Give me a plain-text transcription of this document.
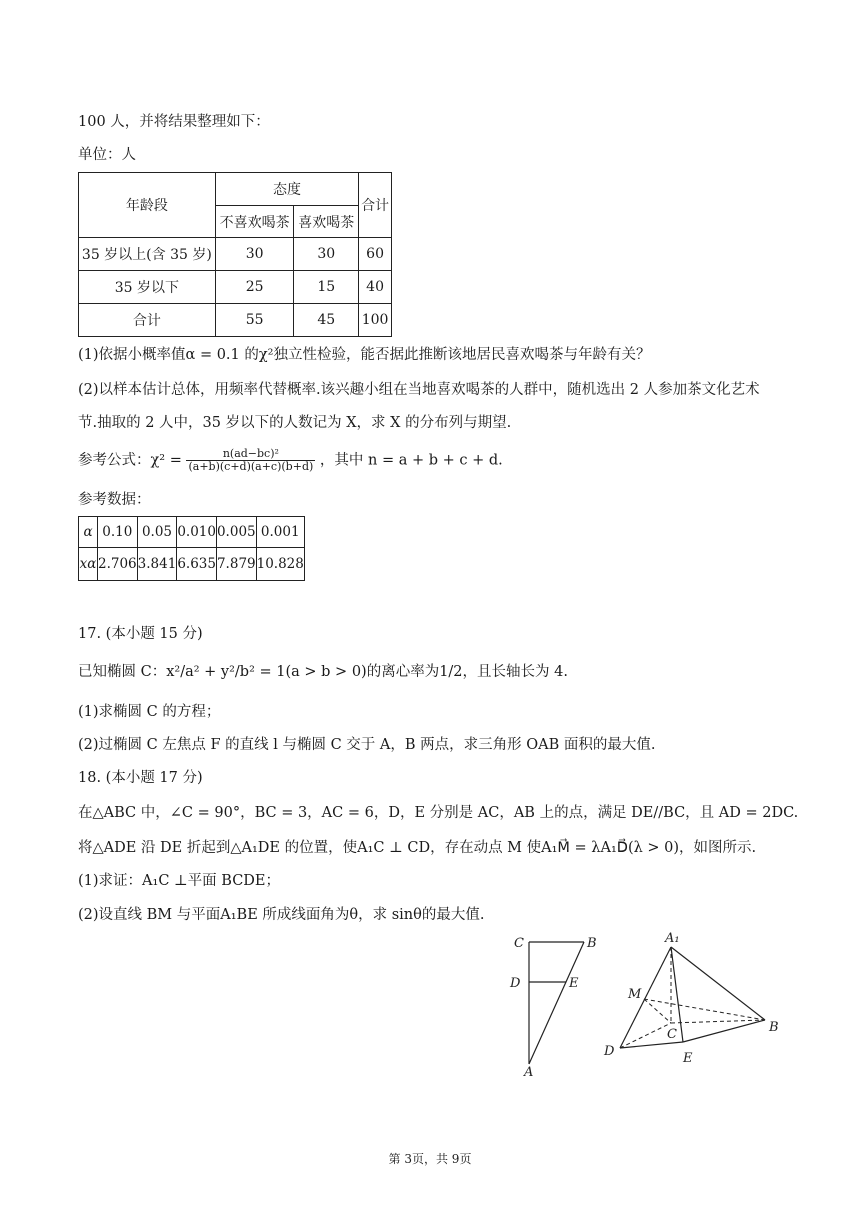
100 人，并将结果整理如下：
单位：人
年龄段	态度		合计
	不喜欢喝茶	喜欢喝茶	
35 岁以上(含 35 岁)	30	30	60
35 岁以下	25	15	40
合计	55	45	100
(1)依据小概率值α = 0.1 的χ²独立性检验，能否据此推断该地居民喜欢喝茶与年龄有关？
(2)以样本估计总体，用频率代替概率.该兴趣小组在当地喜欢喝茶的人群中，随机选出 2 人参加茶文化艺术
节.抽取的 2 人中，35 岁以下的人数记为 X，求 X 的分布列与期望.
参考公式：$\chi^2 = \frac{\text{n(ad−bc)²}}{(a+b)(c+d)(a+c)(b+d)}$ ，其中 n = a + b + c + d.
参考数据：
α	0.10	0.05	0.010	0.005	0.001
xα	2.706	3.841	6.635	7.879	10.828
17. (本小题 15 分)
已知椭圆 C：x²/a² + y²/b² = 1(a > b > 0)的离心率为1/2，且长轴长为 4.
(1)求椭圆 C 的方程；
(2)过椭圆 C 左焦点 F 的直线 l 与椭圆 C 交于 A，B 两点，求三角形 OAB 面积的最大值.
18. (本小题 17 分)
在△ABC 中，∠C = 90°，BC = 3，AC = 6，D，E 分别是 AC，AB 上的点，满足 DE//BC，且 AD = 2DC.
将△ADE 沿 DE 折起到△A₁DE 的位置，使A₁C ⊥ CD，存在动点 M 使A₁M⃗ = λA₁D⃗(λ > 0)，如图所示.
(1)求证：A₁C ⊥平面 BCDE；
(2)设直线 BM 与平面A₁BE 所成线面角为θ，求 sinθ的最大值.
C	B
D	E
A
A₁
M
C	B
D	E
第 3页，共 9页
